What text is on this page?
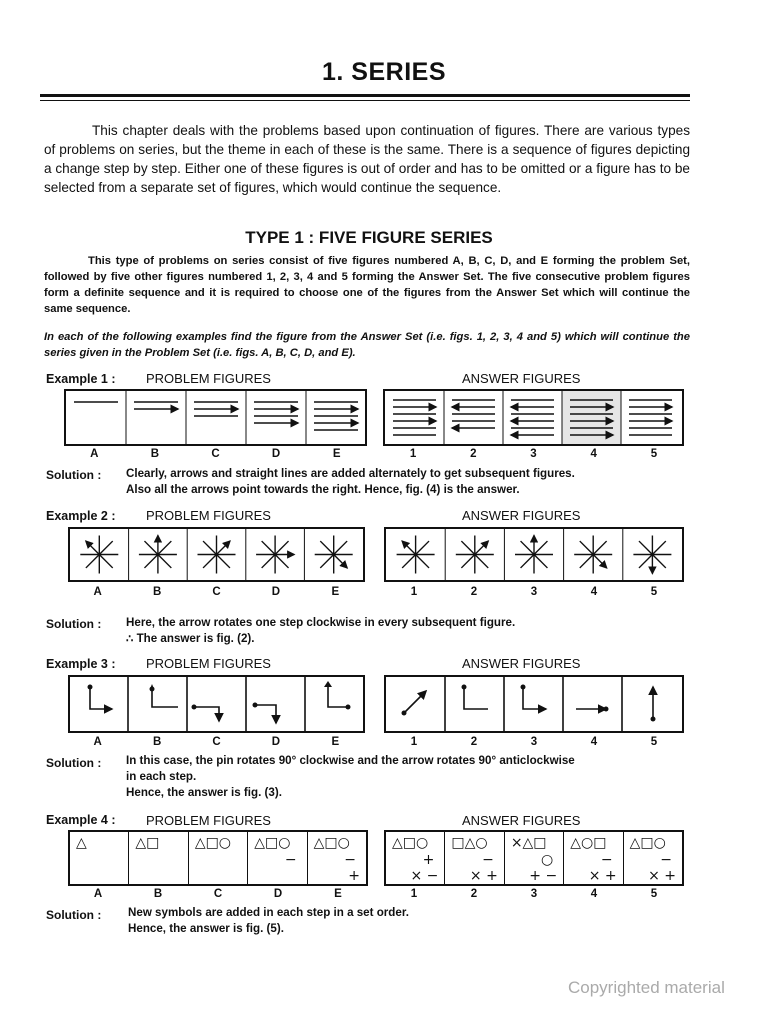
1. SERIES
This chapter deals with the problems based upon continuation of figures. There are various types of problems on series, but the theme in each of these is the same. There is a sequence of figures depicting a change step by step. Either one of these figures is out of order and has to be omitted or a figure has to be selected from a separate set of figures, which would continue the sequence.
TYPE 1 : FIVE FIGURE SERIES
This type of problems on series consist of five figures numbered A, B, C, D, and E forming the problem Set, followed by five other figures numbered 1, 2, 3, 4 and 5 forming the Answer Set. The five consecutive problem figures form a definite sequence and it is required to choose one of the figures from the Answer Set which will continue the same sequence.
In each of the following examples find the figure from the Answer Set (i.e. figs. 1, 2, 3, 4 and 5) which will continue the series given in the Problem Set (i.e. figs. A, B, C, D, and E).
Example 1 : PROBLEM FIGURES	ANSWER FIGURES
A	B	C	D	E	1	2	3	4	5
Solution : Clearly, arrows and straight lines are added alternately to get subsequent figures.
Also all the arrows point towards the right. Hence, fig. (4) is the answer.
Example 2 : PROBLEM FIGURES	ANSWER FIGURES
A	B	C	D	E	1	2	3	4	5
Solution : Here, the arrow rotates one step clockwise in every subsequent figure.
∴ The answer is fig. (2).
Example 3 : PROBLEM FIGURES	ANSWER FIGURES
A	B	C	D	E	1	2	3	4	5
Solution : In this case, the pin rotates 90° clockwise and the arrow rotates 90° anticlockwise
in each step.
Hence, the answer is fig. (3).
Example 4 : PROBLEM FIGURES	ANSWER FIGURES
△	△□	△□○ △□○
−
△□○
−
+
△□○
+
× −
□△○
−
× +
×△□
○
+ −
△○□
−
× +
△□○
−
× +
A	B	C	D	E	1	2	3	4	5
Solution : New symbols are added in each step in a set order.
Hence, the answer is fig. (5).
Copyrighted material
